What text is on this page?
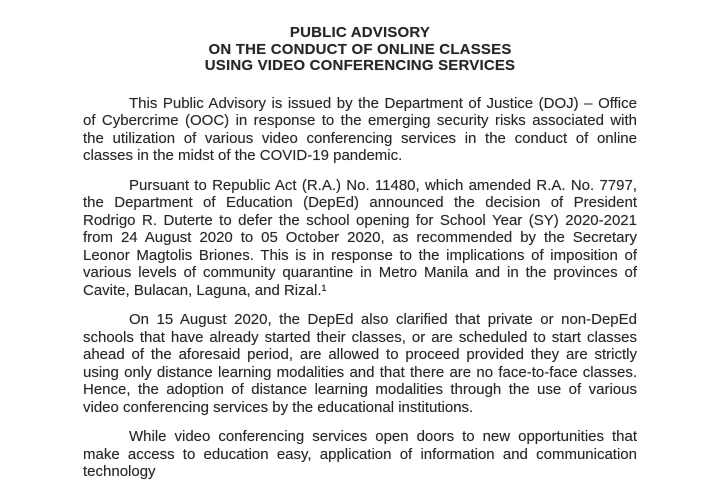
PUBLIC ADVISORY
ON THE CONDUCT OF ONLINE CLASSES
USING VIDEO CONFERENCING SERVICES

This Public Advisory is issued by the Department of Justice (DOJ) – Office of Cybercrime (OOC) in response to the emerging security risks associated with the utilization of various video conferencing services in the conduct of online classes in the midst of the COVID-19 pandemic.

Pursuant to Republic Act (R.A.) No. 11480, which amended R.A. No. 7797, the Department of Education (DepEd) announced the decision of President Rodrigo R. Duterte to defer the school opening for School Year (SY) 2020-2021 from 24 August 2020 to 05 October 2020, as recommended by the Secretary Leonor Magtolis Briones. This is in response to the implications of imposition of various levels of community quarantine in Metro Manila and in the provinces of Cavite, Bulacan, Laguna, and Rizal.¹

On 15 August 2020, the DepEd also clarified that private or non-DepEd schools that have already started their classes, or are scheduled to start classes ahead of the aforesaid period, are allowed to proceed provided they are strictly using only distance learning modalities and that there are no face-to-face classes. Hence, the adoption of distance learning modalities through the use of various video conferencing services by the educational institutions.

While video conferencing services open doors to new opportunities that make access to education easy, application of information and communication technology
